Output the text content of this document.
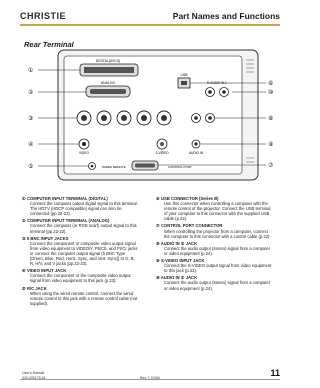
CHRISTIE	Part Names and Functions
Rear Terminal
DIGITAL(DVI-D)
ANALOG
USB
R-AUDIO IN-L
VIDEO	S-VIDEO	AUDIO IN
WIRED REMOTE	CONTROL PORT
①
②
③
④
⑤
⑥
⑦
⑧
⑨
⑩
① COMPUTER INPUT TERMINAL (DIGITAL)
Connect the computer output digital signal to this terminal. The HDTV (HDCP compatible) signal can also be connected (pp.22-23).
② COMPUTER INPUT TERMINAL (ANALOG)
Connect the computer (or RGB scart) output signal to this terminal (pp.22-23).
③ 5 BNC INPUT JACKS
Connect the component or composite video output signal from video equipment to VIDEO/Y, Pb/Cb, and Pr/Cr jacks or connect the computer output signal (5 BNC Type [Green, Blue, Red, Horiz. Sync, and Vert. Sync]) to G, B, R, H/V, and V jacks (pp.22-23).
④ VIDEO INPUT JACK
Connect the component or the composite video output signal from video equipment to this jack (p.23).
⑤ R/C JACK
When using the wired remote control, connect the wired remote control to this jack with a remote control cable (not supplied).
⑥ USB CONNECTOR (Series B)
Use this connector when controlling a computer with the remote control of the projector. Connect the USB terminal of your computer to this connector with the supplied USB cable (p.22).
⑦ CONTROL PORT CONNECTOR
When controlling the projector from a computer, connect the computer to this connector with a control cable (p.22).
⑧ AUDIO IN ② JACK
Connect the audio output (stereo) signal from a computer or video equipment (p.24).
⑨ S-VIDEO INPUT JACK
Connect the S-VIDEO output signal from video equipment to this jack (p.23).
⑩ AUDIO IN ① JACK
Connect the audio output (stereo) signal from a computer or video equipment (p.24).
User's Manual
020-000176-01	Rev. 1 (1/06)	11
